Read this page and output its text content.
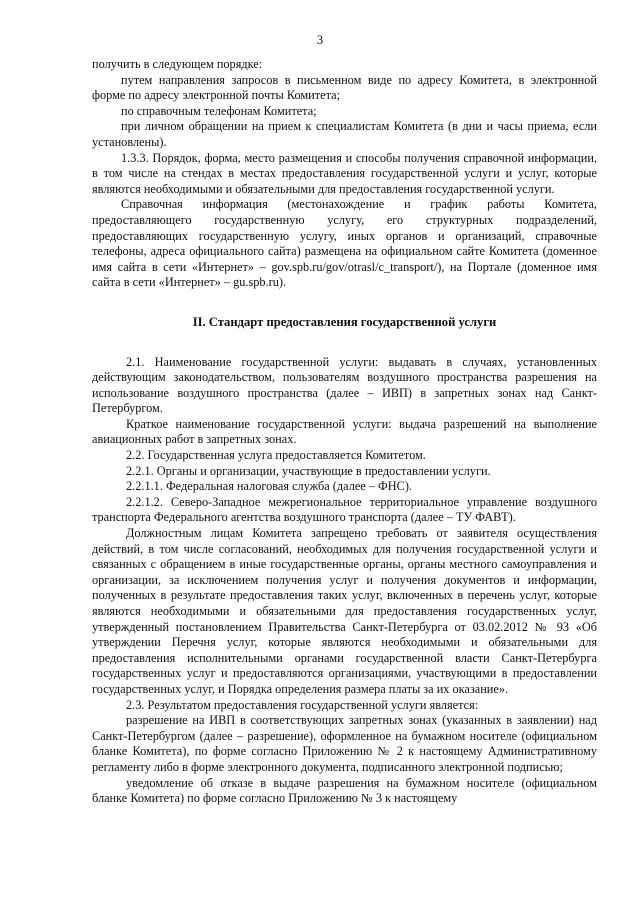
3

получить в следующем порядке:

путем направления запросов в письменном виде по адресу Комитета, в электронной форме по адресу электронной почты Комитета;

по справочным телефонам Комитета;

при личном обращении на прием к специалистам Комитета (в дни и часы приема, если установлены).

1.3.3. Порядок, форма, место размещения и способы получения справочной информации, в том числе на стендах в местах предоставления государственной услуги и услуг, которые являются необходимыми и обязательными для предоставления государственной услуги.

Справочная информация (местонахождение и график работы Комитета, предоставляющего государственную услугу, его структурных подразделений, предоставляющих государственную услугу, иных органов и организаций, справочные телефоны, адреса официального сайта) размещена на официальном сайте Комитета (доменное имя сайта в сети «Интернет» – gov.spb.ru/gov/otrasl/c_transport/), на Портале (доменное имя сайта в сети «Интернет» – gu.spb.ru).

II. Стандарт предоставления государственной услуги

2.1. Наименование государственной услуги: выдавать в случаях, установленных действующим законодательством, пользователям воздушного пространства разрешения на использование воздушного пространства (далее – ИВП) в запретных зонах над Санкт-Петербургом.

Краткое наименование государственной услуги: выдача разрешений на выполнение авиационных работ в запретных зонах.

2.2. Государственная услуга предоставляется Комитетом.

2.2.1. Органы и организации, участвующие в предоставлении услуги.

2.2.1.1. Федеральная налоговая служба (далее – ФНС).

2.2.1.2. Северо-Западное межрегиональное территориальное управление воздушного транспорта Федерального агентства воздушного транспорта (далее – ТУ ФАВТ).

Должностным лицам Комитета запрещено требовать от заявителя осуществления действий, в том числе согласований, необходимых для получения государственной услуги и связанных с обращением в иные государственные органы, органы местного самоуправления и организации, за исключением получения услуг и получения документов и информации, полученных в результате предоставления таких услуг, включенных в перечень услуг, которые являются необходимыми и обязательными для предоставления государственных услуг, утвержденный постановлением Правительства Санкт-Петербурга от 03.02.2012 № 93 «Об утверждении Перечня услуг, которые являются необходимыми и обязательными для предоставления исполнительными органами государственной власти Санкт-Петербурга государственных услуг и предоставляются организациями, участвующими в предоставлении государственных услуг, и Порядка определения размера платы за их оказание».

2.3. Результатом предоставления государственной услуги является:

разрешение на ИВП в соответствующих запретных зонах (указанных в заявлении) над Санкт-Петербургом (далее – разрешение), оформленное на бумажном носителе (официальном бланке Комитета), по форме согласно Приложению № 2 к настоящему Административному регламенту либо в форме электронного документа, подписанного электронной подписью;

уведомление об отказе в выдаче разрешения на бумажном носителе (официальном бланке Комитета) по форме согласно Приложению № 3 к настоящему
